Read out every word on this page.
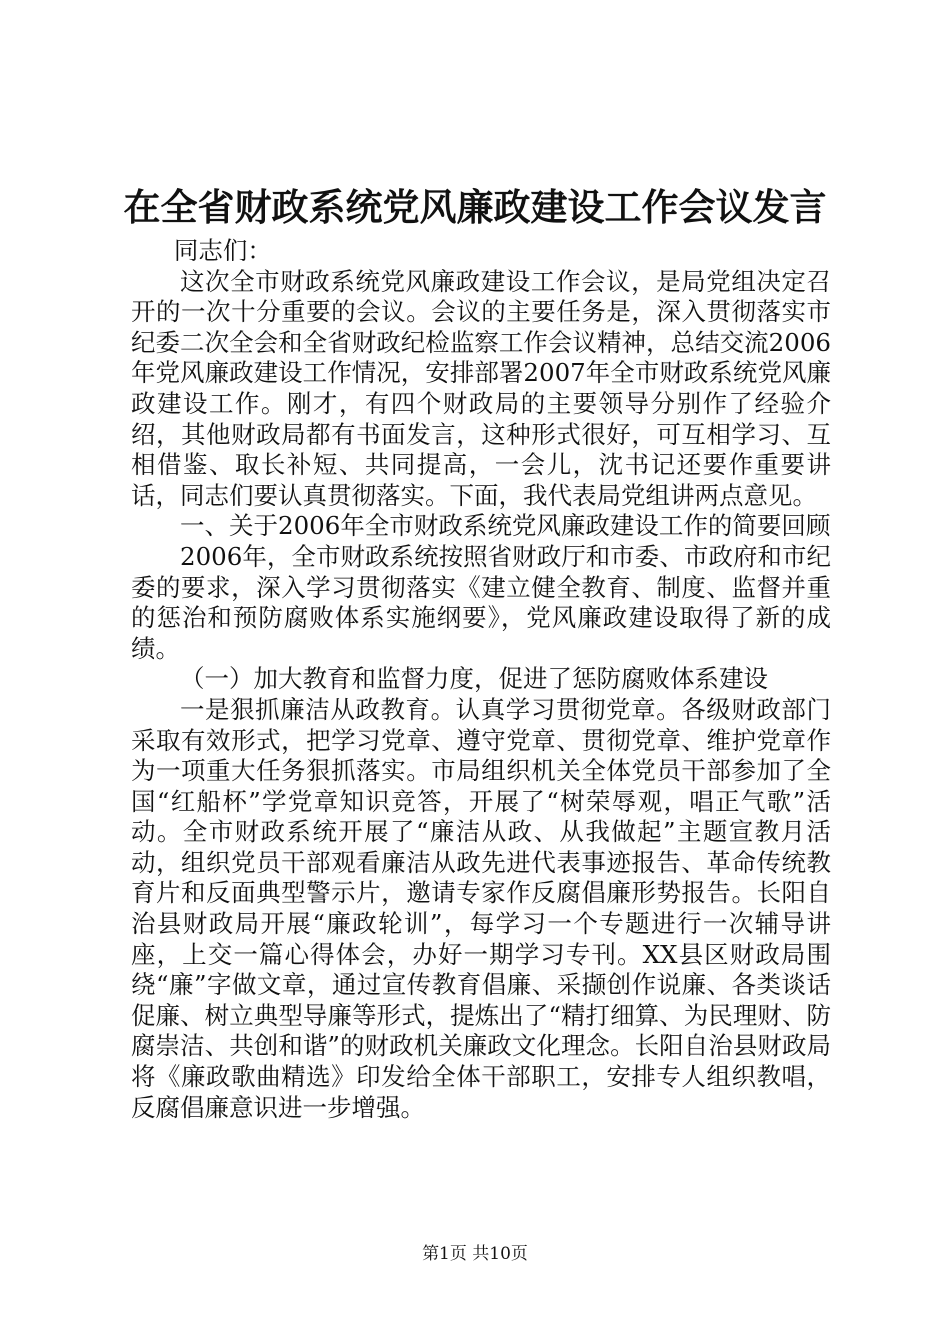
在全省财政系统党风廉政建设工作会议发言

同志们：

这次全市财政系统党风廉政建设工作会议，是局党组决定召开的一次十分重要的会议。会议的主要任务是，深入贯彻落实市纪委二次全会和全省财政纪检监察工作会议精神，总结交流2006年党风廉政建设工作情况，安排部署2007年全市财政系统党风廉政建设工作。刚才，有四个财政局的主要领导分别作了经验介绍，其他财政局都有书面发言，这种形式很好，可互相学习、互相借鉴、取长补短、共同提高，一会儿，沈书记还要作重要讲话，同志们要认真贯彻落实。下面，我代表局党组讲两点意见。

一、关于2006年全市财政系统党风廉政建设工作的简要回顾

2006年，全市财政系统按照省财政厅和市委、市政府和市纪委的要求，深入学习贯彻落实《建立健全教育、制度、监督并重的惩治和预防腐败体系实施纲要》，党风廉政建设取得了新的成绩。

（一）加大教育和监督力度，促进了惩防腐败体系建设

一是狠抓廉洁从政教育。认真学习贯彻党章。各级财政部门采取有效形式，把学习党章、遵守党章、贯彻党章、维护党章作为一项重大任务狠抓落实。市局组织机关全体党员干部参加了全国“红船杯”学党章知识竞答，开展了“树荣辱观，唱正气歌”活动。全市财政系统开展了“廉洁从政、从我做起”主题宣教月活动，组织党员干部观看廉洁从政先进代表事迹报告、革命传统教育片和反面典型警示片，邀请专家作反腐倡廉形势报告。长阳自治县财政局开展“廉政轮训”，每学习一个专题进行一次辅导讲座，上交一篇心得体会，办好一期学习专刊。XX县区财政局围绕“廉”字做文章，通过宣传教育倡廉、采撷创作说廉、各类谈话促廉、树立典型导廉等形式，提炼出了“精打细算、为民理财、防腐崇洁、共创和谐”的财政机关廉政文化理念。长阳自治县财政局将《廉政歌曲精选》印发给全体干部职工，安排专人组织教唱，反腐倡廉意识进一步增强。

第1页 共10页
